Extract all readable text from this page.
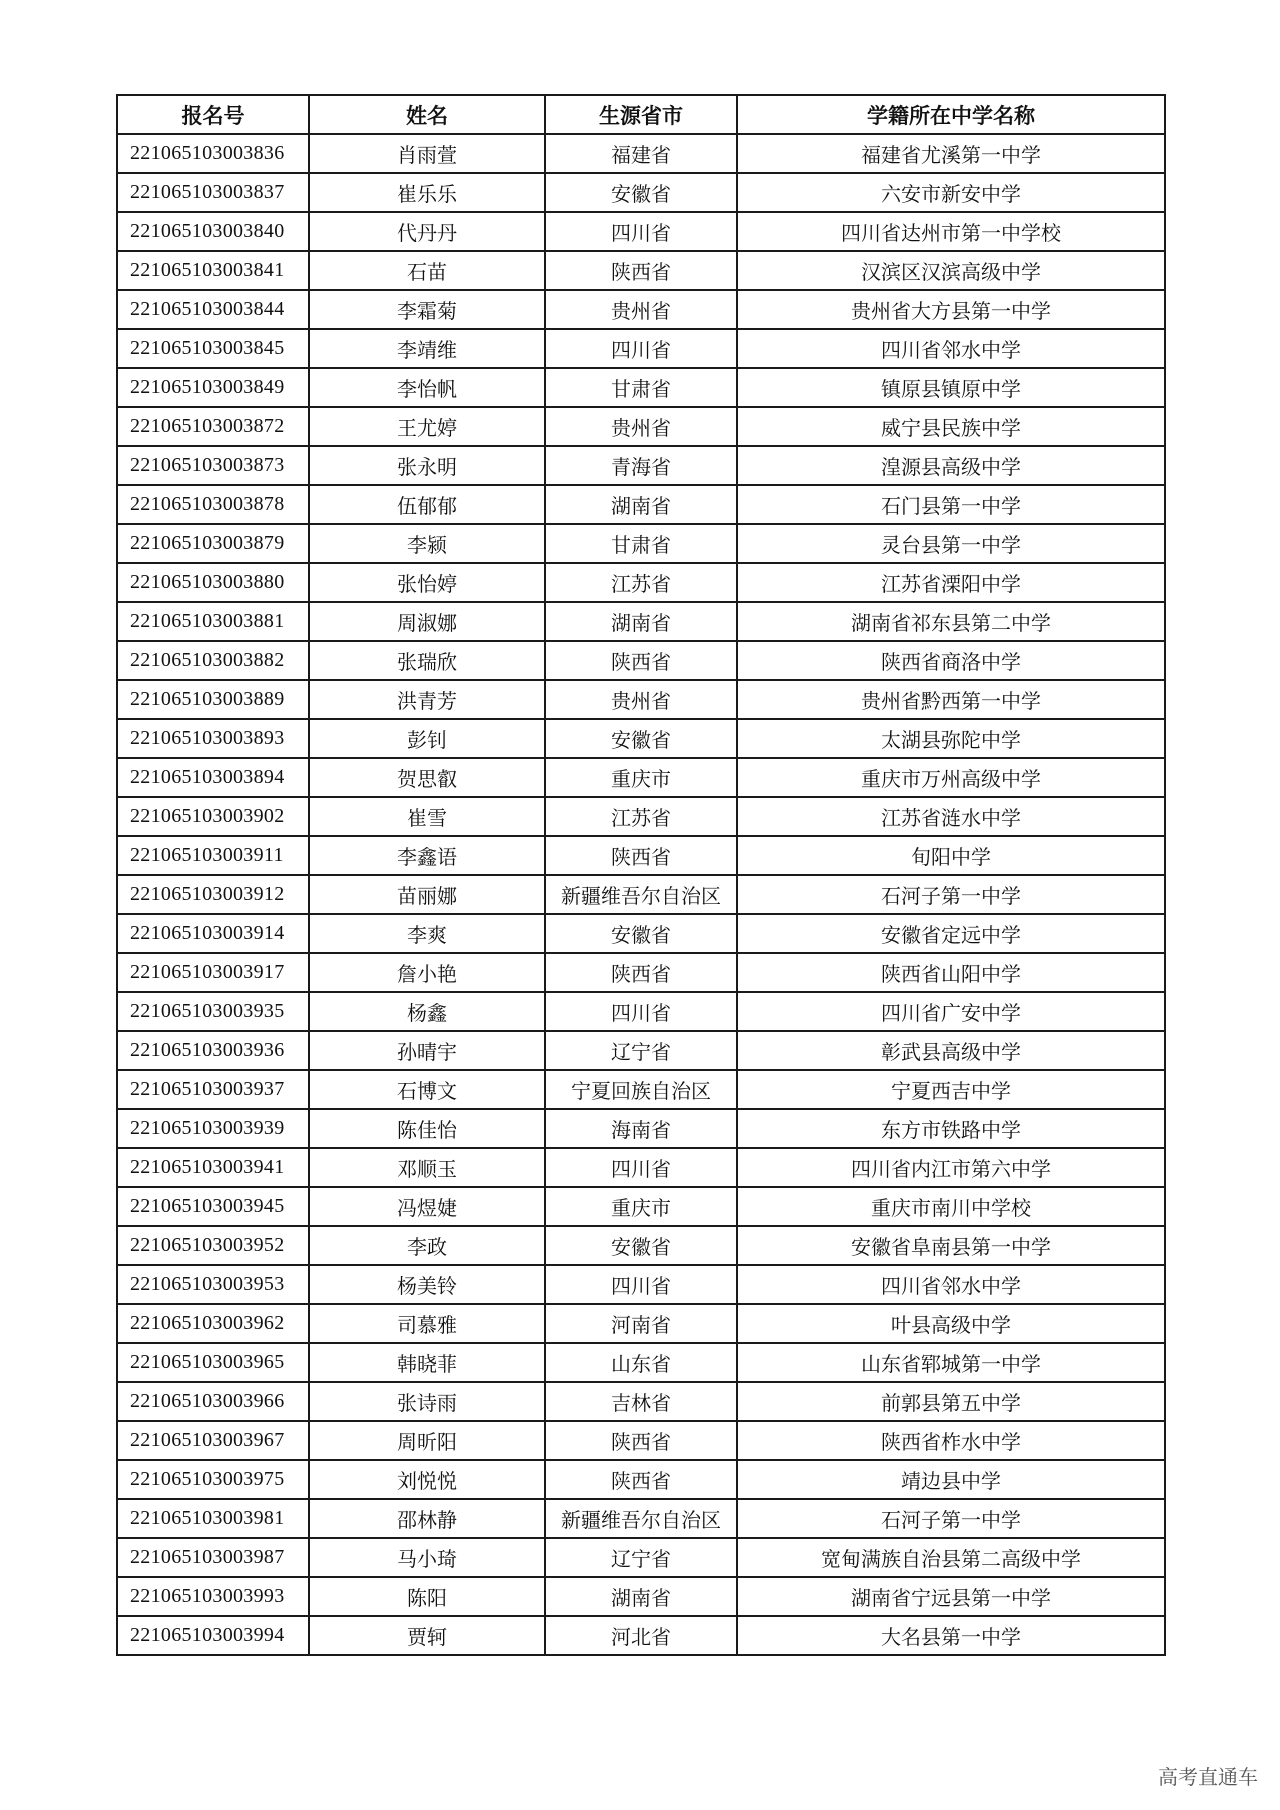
报名号	姓名	生源省市	学籍所在中学名称
221065103003836	肖雨萱	福建省	福建省尤溪第一中学
221065103003837	崔乐乐	安徽省	六安市新安中学
221065103003840	代丹丹	四川省	四川省达州市第一中学校
221065103003841	石苗	陕西省	汉滨区汉滨高级中学
221065103003844	李霜菊	贵州省	贵州省大方县第一中学
221065103003845	李靖维	四川省	四川省邻水中学
221065103003849	李怡帆	甘肃省	镇原县镇原中学
221065103003872	王尤婷	贵州省	威宁县民族中学
221065103003873	张永明	青海省	湟源县高级中学
221065103003878	伍郁郁	湖南省	石门县第一中学
221065103003879	李颍	甘肃省	灵台县第一中学
221065103003880	张怡婷	江苏省	江苏省溧阳中学
221065103003881	周淑娜	湖南省	湖南省祁东县第二中学
221065103003882	张瑞欣	陕西省	陕西省商洛中学
221065103003889	洪青芳	贵州省	贵州省黔西第一中学
221065103003893	彭钊	安徽省	太湖县弥陀中学
221065103003894	贺思叡	重庆市	重庆市万州高级中学
221065103003902	崔雪	江苏省	江苏省涟水中学
221065103003911	李鑫语	陕西省	旬阳中学
221065103003912	苗丽娜	新疆维吾尔自治区	石河子第一中学
221065103003914	李爽	安徽省	安徽省定远中学
221065103003917	詹小艳	陕西省	陕西省山阳中学
221065103003935	杨鑫	四川省	四川省广安中学
221065103003936	孙晴宇	辽宁省	彰武县高级中学
221065103003937	石博文	宁夏回族自治区	宁夏西吉中学
221065103003939	陈佳怡	海南省	东方市铁路中学
221065103003941	邓顺玉	四川省	四川省内江市第六中学
221065103003945	冯煜婕	重庆市	重庆市南川中学校
221065103003952	李政	安徽省	安徽省阜南县第一中学
221065103003953	杨美铃	四川省	四川省邻水中学
221065103003962	司慕雅	河南省	叶县高级中学
221065103003965	韩晓菲	山东省	山东省郓城第一中学
221065103003966	张诗雨	吉林省	前郭县第五中学
221065103003967	周昕阳	陕西省	陕西省柞水中学
221065103003975	刘悦悦	陕西省	靖边县中学
221065103003981	邵林静	新疆维吾尔自治区	石河子第一中学
221065103003987	马小琦	辽宁省	宽甸满族自治县第二高级中学
221065103003993	陈阳	湖南省	湖南省宁远县第一中学
221065103003994	贾轲	河北省	大名县第一中学
高考直通车
